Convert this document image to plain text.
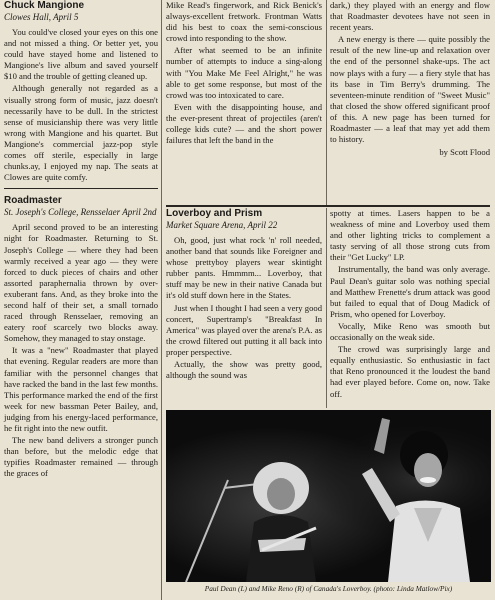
Chuck Mangione
Clowes Hall, April 5

You could've closed your eyes on this one and not missed a thing. Or better yet, you could have stayed home and listened to Mangione's live album and saved yourself $10 and the trouble of getting cleaned up.

Although generally not regarded as a visually strong form of music, jazz doesn't necessarily have to be dull. In the strictest sense of musicianship there was very little wrong with Mangione and his quartet. But Mangione's commercial jazz-pop style comes off sterile, especially in large chunks.ay, I enjoyed my nap. The seats at Clowes are quite comfy.

Roadmaster
St. Joseph's College, Rensselaer April 2nd

April second proved to be an interesting night for Roadmaster. Returning to St. Joseph's College — where they had been warmly received a year ago — they were forced to duck pieces of chairs and other assorted paraphernalia thrown by over-exuberant fans. And, as they broke into the second half of their set, a small tornado raced through Rensselaer, removing an eatery roof scarcely two blocks away. Somehow, they managed to stay onstage.

It was a "new" Roadmaster that played that evening. Regular readers are more than familiar with the personnel changes that have racked the band in the last few months. This performance marked the end of the first week for new bassman Peter Bailey, and, judging from his energy-laced performance, he fit right into the new outfit.

The new band delivers a stronger punch than before, but the melodic edge that typifies Roadmaster remained — through the graces of

Mike Read's fingerwork, and Rick Benick's always-excellent fretwork. Frontman Watts did his best to coax the semi-conscious crowd into responding to the show.

After what seemed to be an infinite number of attempts to induce a sing-along with "You Make Me Feel Alright," he was able to get some response, but most of the crowd was too intoxicated to care.

Even with the disappointing house, and the ever-present threat of projectiles (aren't college kids cute? — and the short power failures that left the band in the

dark,) they played with an energy and flow that Roadmaster devotees have not seen in recent years.

A new energy is there — quite possibly the result of the new line-up and relaxation over the end of the personnel shake-ups. The act now plays with a fury — a fiery style that has its base in Tim Berry's drumming. The seventeen-minute rendition of "Sweet Music" that closed the show offered significant proof of this. A new page has been turned for Roadmaster — a leaf that may yet add them to history.

by Scott Flood
Loverboy and Prism
Market Square Arena, April 22

Oh, good, just what rock 'n' roll needed, another band that sounds like Foreigner and whose prettyboy players wear skintight rubber pants. Hmmmm... Loverboy, that stuff may be new in their native Canada but it's old stuff down here in the States.

Just when I thought I had seen a very good concert, Supertramp's "Breakfast In America" was played over the arena's P.A. as the crowd filtered out putting it all back into proper perspective.

Actually, the show was pretty good, although the sound was

spotty at times. Lasers happen to be a weakness of mine and Loverboy used them and other lighting tricks to complement a tasty serving of all those strong cuts from their "Get Lucky" LP.

Instrumentally, the band was only average. Paul Dean's guitar solo was nothing special and Matthew Frenette's drum attack was good but failed to equal that of Doug Madick of Prism, who opened for Loverboy.

Vocally, Mike Reno was smooth but occasionally on the weak side.

The crowd was surprisingly large and equally enthusiastic. So enthusiastic in fact that Reno pronounced it the loudest the band had ever played before. Come on, now. Take off.

Paul Dean (L) and Mike Reno (R) of Canada's Loverboy. (photo: Linda Matlow/Pix)
